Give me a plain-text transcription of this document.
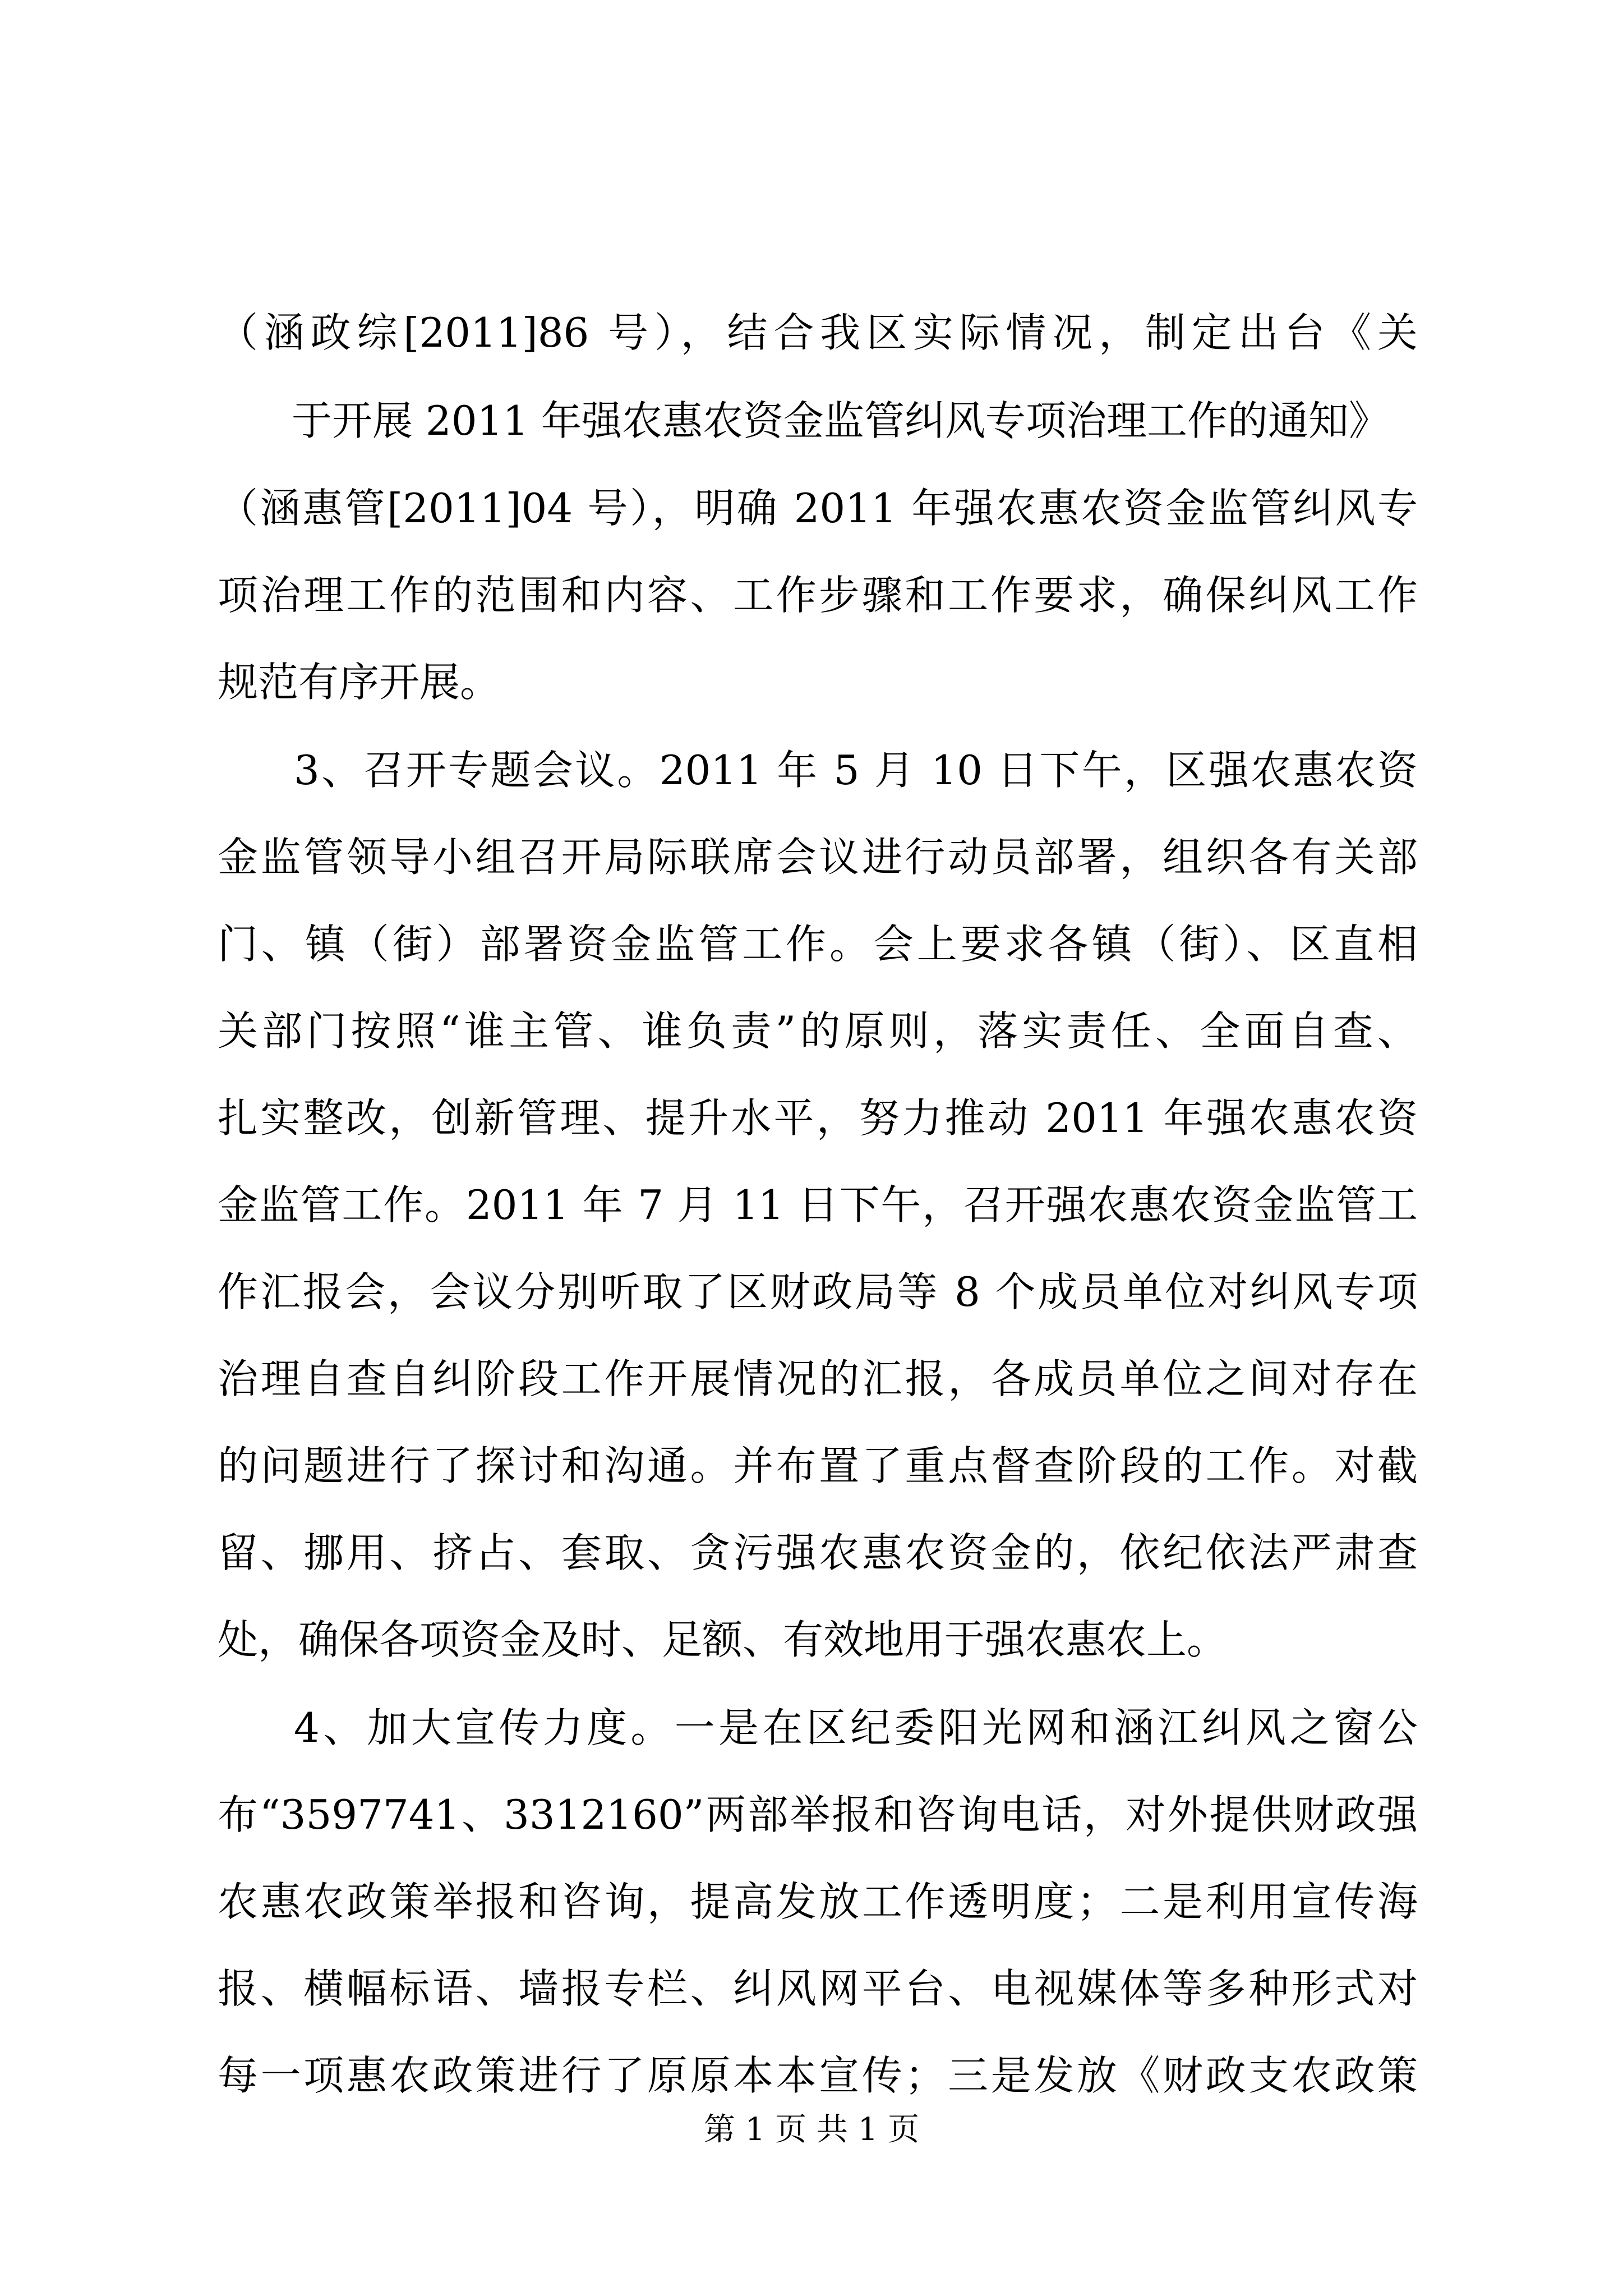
（涵政综[2011]86 号），结合我区实际情况，制定出台《关
于开展 2011 年强农惠农资金监管纠风专项治理工作的通知》
（涵惠管[2011]04 号），明确 2011 年强农惠农资金监管纠风专
项治理工作的范围和内容、工作步骤和工作要求，确保纠风工作
规范有序开展。
3、召开专题会议。2011 年 5 月 10 日下午，区强农惠农资
金监管领导小组召开局际联席会议进行动员部署，组织各有关部
门、镇（街）部署资金监管工作。会上要求各镇（街）、区直相
关部门按照“谁主管、谁负责”的原则，落实责任、全面自查、
扎实整改，创新管理、提升水平，努力推动 2011 年强农惠农资
金监管工作。2011 年 7 月 11 日下午，召开强农惠农资金监管工
作汇报会，会议分别听取了区财政局等 8 个成员单位对纠风专项
治理自查自纠阶段工作开展情况的汇报，各成员单位之间对存在
的问题进行了探讨和沟通。并布置了重点督查阶段的工作。对截
留、挪用、挤占、套取、贪污强农惠农资金的，依纪依法严肃查
处，确保各项资金及时、足额、有效地用于强农惠农上。
4、加大宣传力度。一是在区纪委阳光网和涵江纠风之窗公
布“3597741、3312160”两部举报和咨询电话，对外提供财政强
农惠农政策举报和咨询，提高发放工作透明度；二是利用宣传海
报、横幅标语、墙报专栏、纠风网平台、电视媒体等多种形式对
每一项惠农政策进行了原原本本宣传；三是发放《财政支农政策
第 1 页 共 1 页
